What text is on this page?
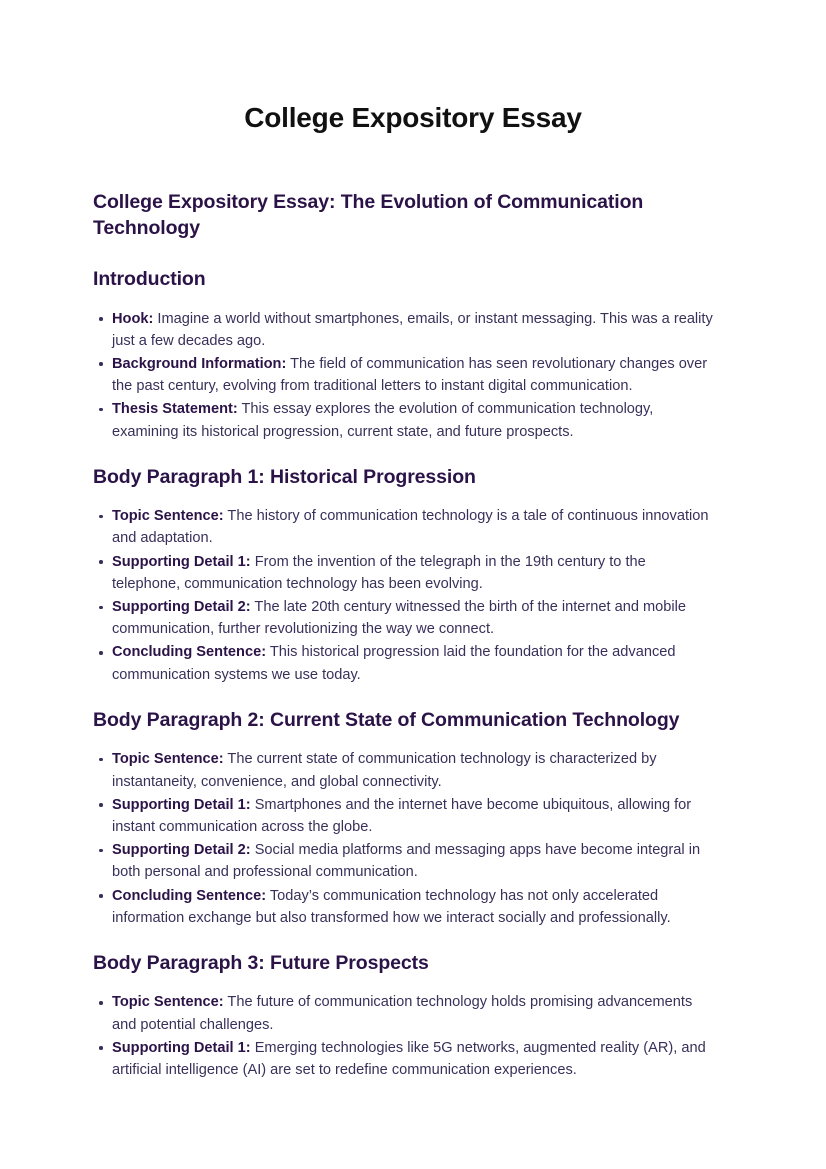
College Expository Essay
College Expository Essay: The Evolution of Communication Technology
Introduction
Hook: Imagine a world without smartphones, emails, or instant messaging. This was a reality just a few decades ago.
Background Information: The field of communication has seen revolutionary changes over the past century, evolving from traditional letters to instant digital communication.
Thesis Statement: This essay explores the evolution of communication technology, examining its historical progression, current state, and future prospects.
Body Paragraph 1: Historical Progression
Topic Sentence: The history of communication technology is a tale of continuous innovation and adaptation.
Supporting Detail 1: From the invention of the telegraph in the 19th century to the telephone, communication technology has been evolving.
Supporting Detail 2: The late 20th century witnessed the birth of the internet and mobile communication, further revolutionizing the way we connect.
Concluding Sentence: This historical progression laid the foundation for the advanced communication systems we use today.
Body Paragraph 2: Current State of Communication Technology
Topic Sentence: The current state of communication technology is characterized by instantaneity, convenience, and global connectivity.
Supporting Detail 1: Smartphones and the internet have become ubiquitous, allowing for instant communication across the globe.
Supporting Detail 2: Social media platforms and messaging apps have become integral in both personal and professional communication.
Concluding Sentence: Today’s communication technology has not only accelerated information exchange but also transformed how we interact socially and professionally.
Body Paragraph 3: Future Prospects
Topic Sentence: The future of communication technology holds promising advancements and potential challenges.
Supporting Detail 1: Emerging technologies like 5G networks, augmented reality (AR), and artificial intelligence (AI) are set to redefine communication experiences.
